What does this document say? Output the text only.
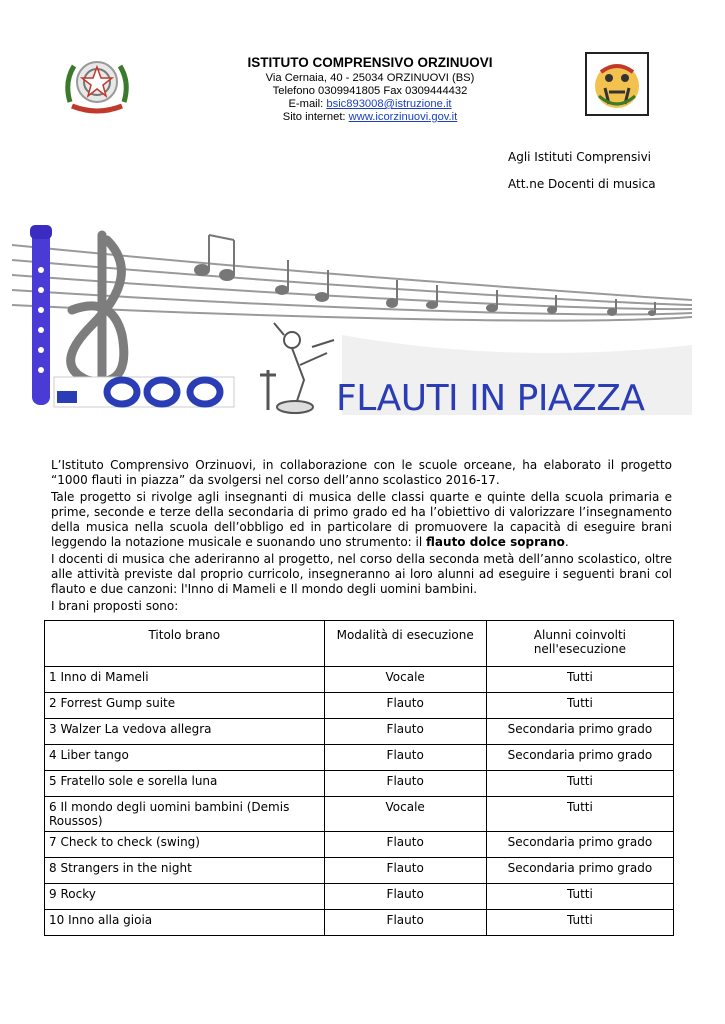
ISTITUTO COMPRENSIVO ORZINUOVI
Via Cernaia, 40 - 25034 ORZINUOVI (BS)
Telefono 0309941805 Fax 0309444432
E-mail: bsic893008@istruzione.it
Sito internet: www.icorzinuovi.gov.it
Agli Istituti Comprensivi
Att.ne Docenti di musica
FLAUTI IN PIAZZA

L’Istituto Comprensivo Orzinuovi, in collaborazione con le scuole orceane, ha elaborato il progetto “1000 flauti in piazza” da svolgersi nel corso dell’anno scolastico 2016-17.

Tale progetto si rivolge agli insegnanti di musica delle classi quarte e quinte della scuola primaria e prime, seconde e terze della secondaria di primo grado ed ha l’obiettivo di valorizzare l’insegnamento della musica nella scuola dell’obbligo ed in particolare di promuovere la capacità di eseguire brani leggendo la notazione musicale e suonando uno strumento: il flauto dolce soprano.

I docenti di musica che aderiranno al progetto, nel corso della seconda metà dell’anno scolastico, oltre alle attività previste dal proprio curricolo, insegneranno ai loro alunni ad eseguire i seguenti brani col flauto e due canzoni: l'Inno di Mameli e Il mondo degli uomini bambini.

I brani proposti sono:

Titolo brano	Modalità di esecuzione	Alunni coinvolti nell'esecuzione
1 Inno di Mameli	Vocale	Tutti
2 Forrest Gump suite	Flauto	Tutti
3 Walzer La vedova allegra	Flauto	Secondaria primo grado
4 Liber tango	Flauto	Secondaria primo grado
5 Fratello sole e sorella luna	Flauto	Tutti
6 Il mondo degli uomini bambini (Demis Roussos)	Vocale	Tutti
7 Check to check (swing)	Flauto	Secondaria primo grado
8 Strangers in the night	Flauto	Secondaria primo grado
9 Rocky	Flauto	Tutti
10 Inno alla gioia	Flauto	Tutti
